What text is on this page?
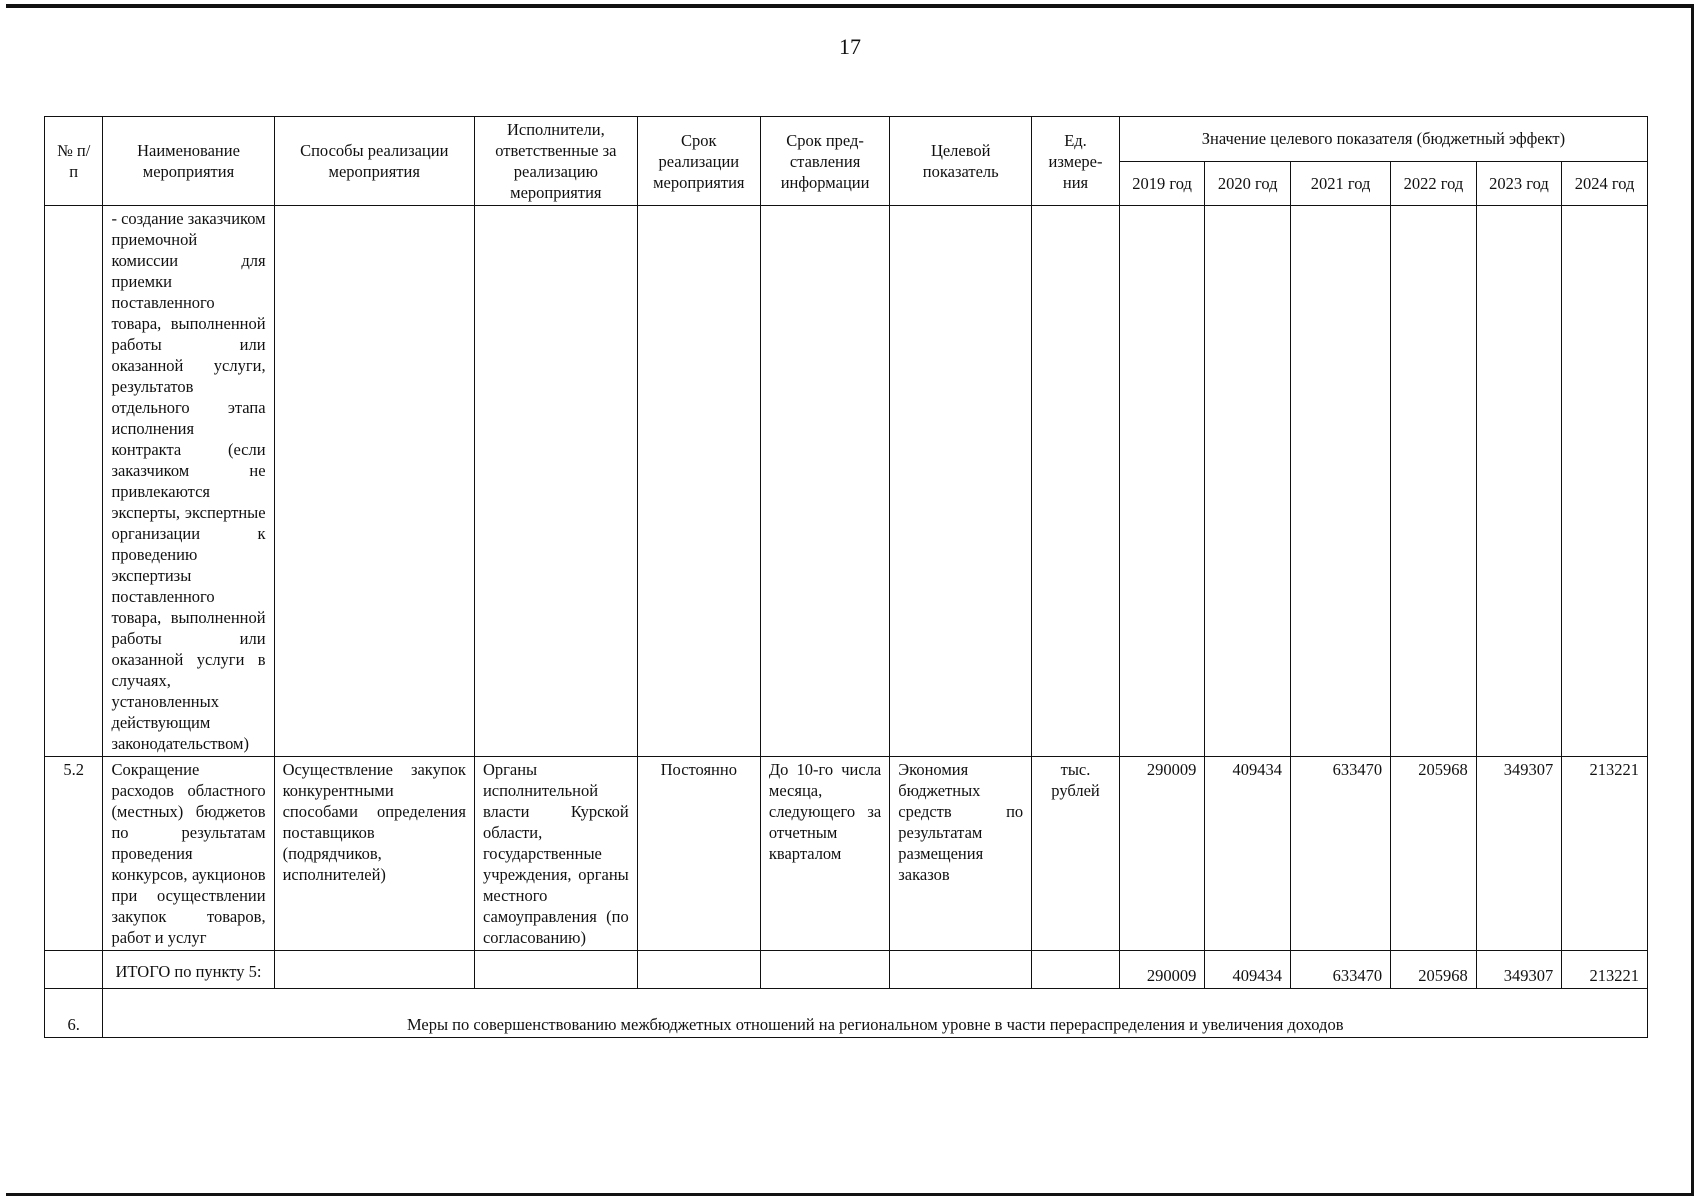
17
№ п/п	Наименование мероприятия	Способы реализации мероприятия	Исполнители, ответственные за реализацию мероприятия	Срок реализации мероприятия	Срок пред-ставления информации	Целевой показатель	Ед. измере-ния	Значение целевого показателя (бюджетный эффект)					
								2019 год	2020 год	2021 год	2022 год	2023 год	2024 год
	- создание заказчиком приемочной комиссии для приемки поставленного товара, выполненной работы или оказанной услуги, результатов отдельного этапа исполнения контракта (если заказчиком не привлекаются эксперты, экспертные организации к проведению экспертизы поставленного товара, выполненной работы или оказанной услуги в случаях, установленных действующим законодательством)												
5.2	Сокращение расходов областного (местных) бюджетов по результатам проведения конкурсов, аукционов при осуществлении закупок товаров, работ и услуг	Осуществление закупок конкурентными способами определения поставщиков (подрядчиков, исполнителей)	Органы исполнительной власти Курской области, государственные учреждения, органы местного самоуправления (по согласованию)	Постоянно	До 10-го числа месяца, следующего за отчетным кварталом	Экономия бюджетных средств по результатам размещения заказов	тыс. рублей	290009	409434	633470	205968	349307	213221
	ИТОГО по пункту 5:							290009	409434	633470	205968	349307	213221
6.	Меры по совершенствованию межбюджетных отношений на региональном уровне в части перераспределения и увеличения доходов												
